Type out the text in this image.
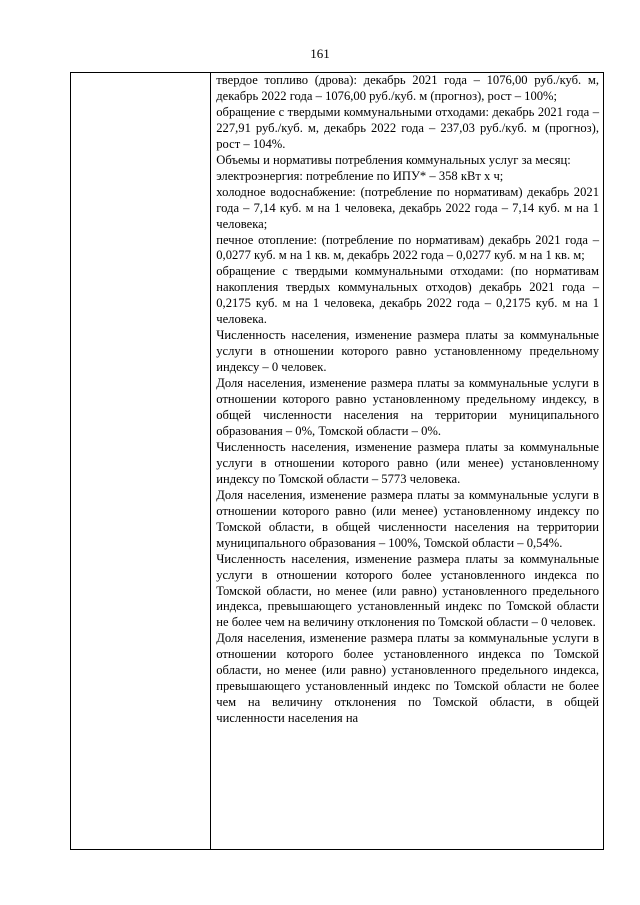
161

твердое топливо (дрова): декабрь 2021 года – 1076,00 руб./куб. м, декабрь 2022 года – 1076,00 руб./куб. м (прогноз), рост – 100%;

обращение с твердыми коммунальными отходами: декабрь 2021 года – 227,91 руб./куб. м, декабрь 2022 года – 237,03 руб./куб. м (прогноз), рост – 104%.

Объемы и нормативы потребления коммунальных услуг за месяц:

электроэнергия: потребление по ИПУ* – 358 кВт х ч;

холодное водоснабжение: (потребление по нормативам) декабрь 2021 года – 7,14 куб. м на 1 человека, декабрь 2022 года – 7,14 куб. м на 1 человека;

печное отопление: (потребление по нормативам) декабрь 2021 года – 0,0277 куб. м на 1 кв. м, декабрь 2022 года – 0,0277 куб. м на 1 кв. м;

обращение с твердыми коммунальными отходами: (по нормативам накопления твердых коммунальных отходов) декабрь 2021 года – 0,2175 куб. м на 1 человека, декабрь 2022 года – 0,2175 куб. м на 1 человека.

Численность населения, изменение размера платы за коммунальные услуги в отношении которого равно установленному предельному индексу – 0 человек.

Доля населения, изменение размера платы за коммунальные услуги в отношении которого равно установленному предельному индексу, в общей численности населения на территории муниципального образования – 0%, Томской области – 0%.

Численность населения, изменение размера платы за коммунальные услуги в отношении которого равно (или менее) установленному индексу по Томской области – 5773 человека.

Доля населения, изменение размера платы за коммунальные услуги в отношении которого равно (или менее) установленному индексу по Томской области, в общей численности населения на территории муниципального образования – 100%, Томской области – 0,54%.

Численность населения, изменение размера платы за коммунальные услуги в отношении которого более установленного индекса по Томской области, но менее (или равно) установленного предельного индекса, превышающего установленный индекс по Томской области не более чем на величину отклонения по Томской области – 0 человек.

Доля населения, изменение размера платы за коммунальные услуги в отношении которого более установленного индекса по Томской области, но менее (или равно) установленного предельного индекса, превышающего установленный индекс по Томской области не более чем на величину отклонения по Томской области, в общей численности населения на
